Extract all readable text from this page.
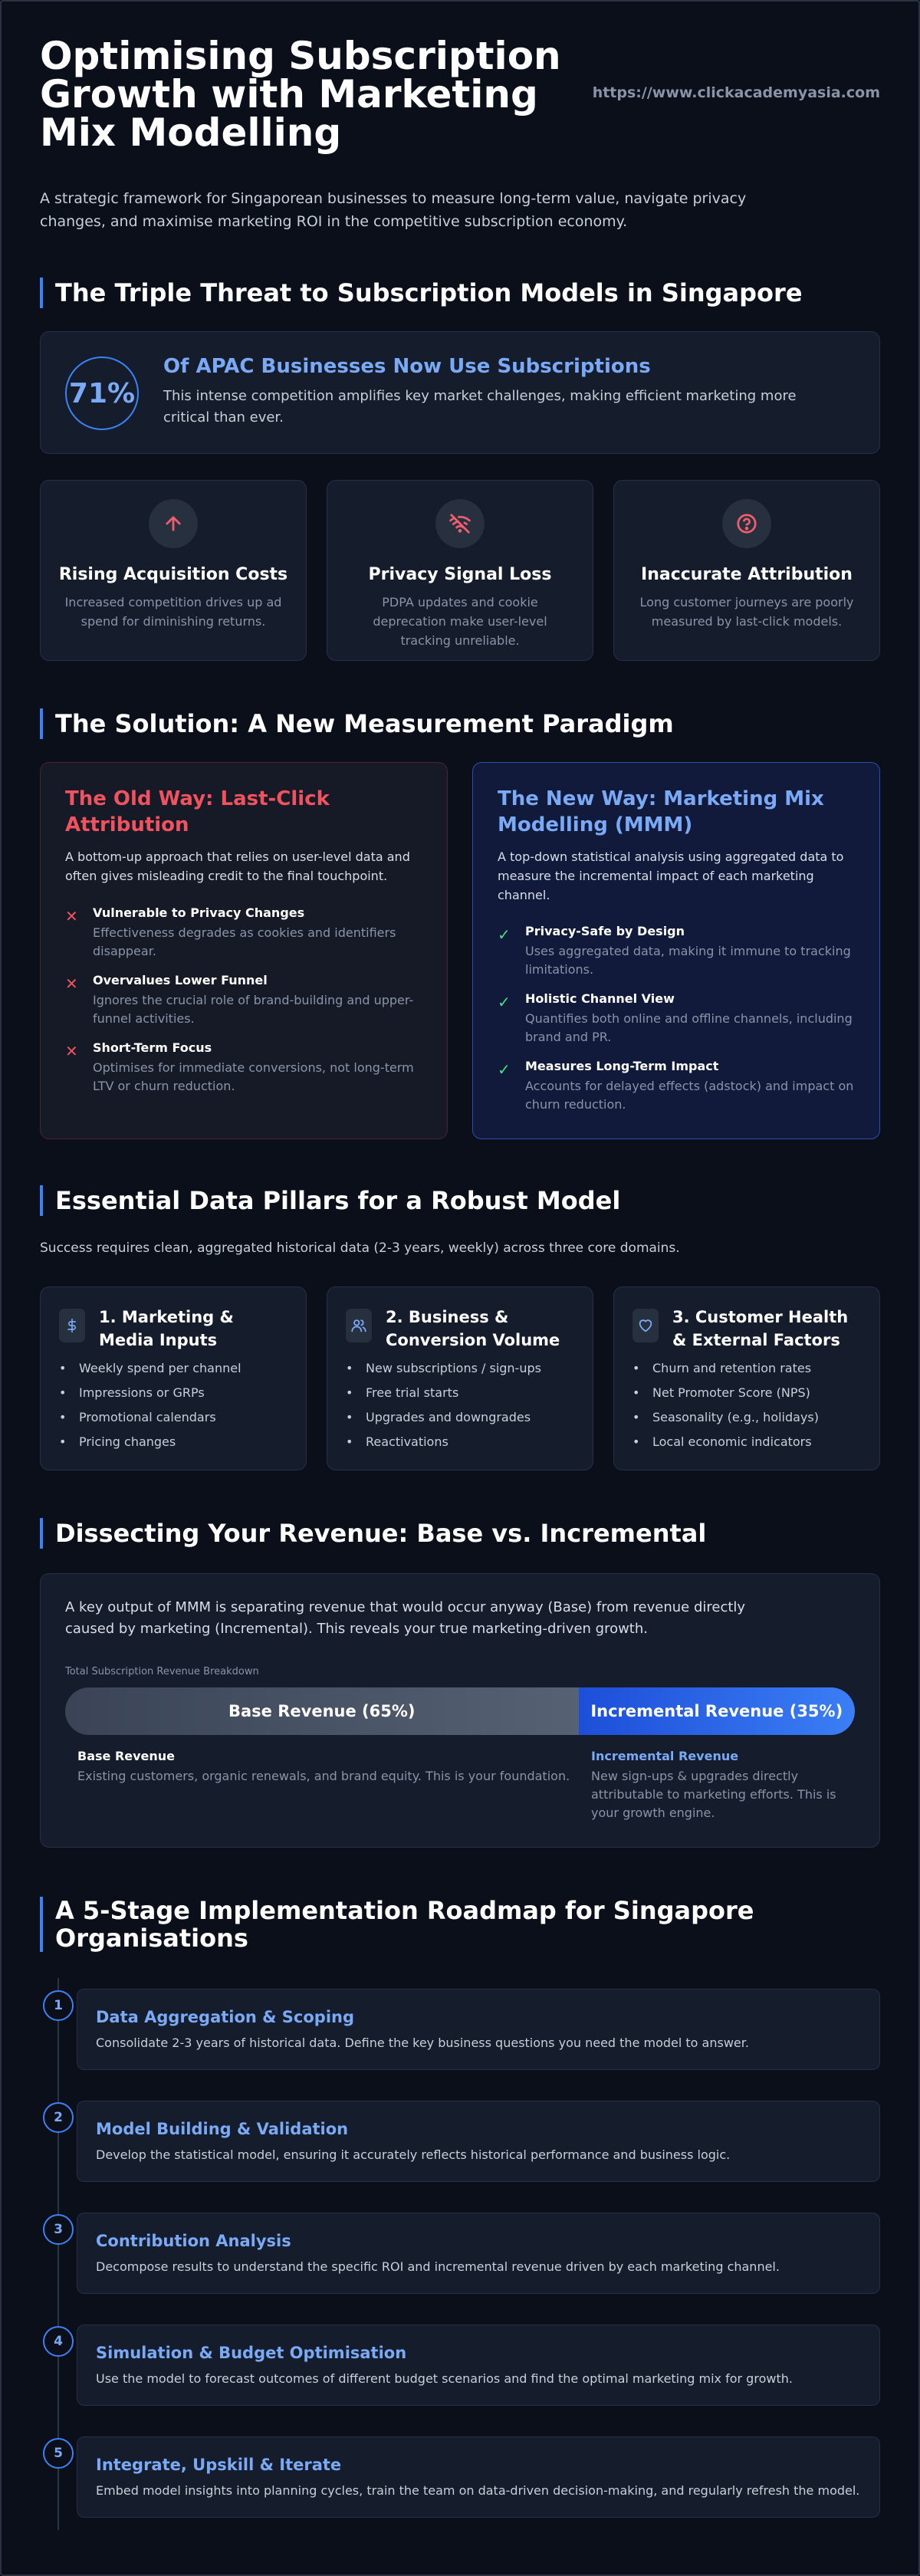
Optimising Subscription Growth with Marketing Mix Modelling
https://www.clickacademyasia.com

A strategic framework for Singaporean businesses to measure long-term value, navigate privacy changes, and maximise marketing ROI in the competitive subscription economy.

The Triple Threat to Subscription Models in Singapore
71%
Of APAC Businesses Now Use Subscriptions

This intense competition amplifies key market challenges, making efficient marketing more critical than ever.

Rising Acquisition Costs

Increased competition drives up ad spend for diminishing returns.

Privacy Signal Loss

PDPA updates and cookie deprecation make user-level tracking unreliable.

Inaccurate Attribution

Long customer journeys are poorly measured by last-click models.

The Solution: A New Measurement Paradigm
The Old Way: Last-Click Attribution

A bottom-up approach that relies on user-level data and often gives misleading credit to the final touchpoint.

✕ Vulnerable to Privacy Changes
Effectiveness degrades as cookies and identifiers disappear.
✕ Overvalues Lower Funnel
Ignores the crucial role of brand-building and upper-funnel activities.
✕ Short-Term Focus
Optimises for immediate conversions, not long-term LTV or churn reduction.
The New Way: Marketing Mix Modelling (MMM)

A top-down statistical analysis using aggregated data to measure the incremental impact of each marketing channel.

✓ Privacy-Safe by Design
Uses aggregated data, making it immune to tracking limitations.
✓ Holistic Channel View
Quantifies both online and offline channels, including brand and PR.
✓ Measures Long-Term Impact
Accounts for delayed effects (adstock) and impact on churn reduction.
Essential Data Pillars for a Robust Model

Success requires clean, aggregated historical data (2-3 years, weekly) across three core domains.

1. Marketing & Media Inputs
• Weekly spend per channel
• Impressions or GRPs
• Promotional calendars
• Pricing changes
2. Business & Conversion Volume
• New subscriptions / sign-ups
• Free trial starts
• Upgrades and downgrades
• Reactivations
3. Customer Health & External Factors
• Churn and retention rates
• Net Promoter Score (NPS)
• Seasonality (e.g., holidays)
• Local economic indicators
Dissecting Your Revenue: Base vs. Incremental

A key output of MMM is separating revenue that would occur anyway (Base) from revenue directly caused by marketing (Incremental). This reveals your true marketing-driven growth.

Total Subscription Revenue Breakdown
Base Revenue (65%)	Incremental Revenue (35%)
Base Revenue

Existing customers, organic renewals, and brand equity. This is your foundation.

Incremental Revenue

New sign-ups & upgrades directly attributable to marketing efforts. This is your growth engine.

A 5-Stage Implementation Roadmap for Singapore Organisations
1
Data Aggregation & Scoping

Consolidate 2-3 years of historical data. Define the key business questions you need the model to answer.

2
Model Building & Validation

Develop the statistical model, ensuring it accurately reflects historical performance and business logic.

3
Contribution Analysis

Decompose results to understand the specific ROI and incremental revenue driven by each marketing channel.

4
Simulation & Budget Optimisation

Use the model to forecast outcomes of different budget scenarios and find the optimal marketing mix for growth.

5
Integrate, Upskill & Iterate

Embed model insights into planning cycles, train the team on data-driven decision-making, and regularly refresh the model.
